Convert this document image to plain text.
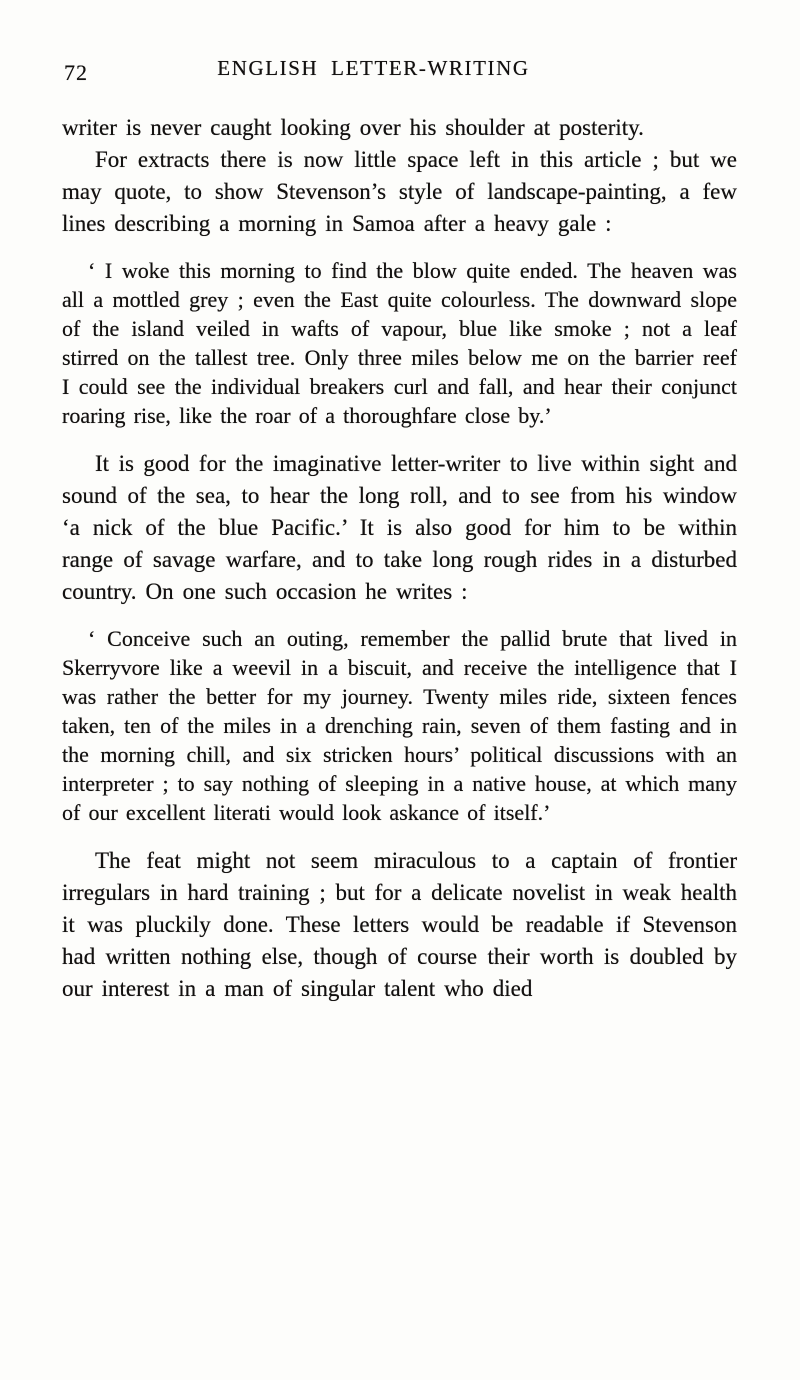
72	ENGLISH LETTER-WRITING

writer is never caught looking over his shoulder at posterity.

For extracts there is now little space left in this article ; but we may quote, to show Stevenson’s style of landscape-painting, a few lines describing a morning in Samoa after a heavy gale :

‘ I woke this morning to find the blow quite ended. The heaven was all a mottled grey ; even the East quite colourless. The downward slope of the island veiled in wafts of vapour, blue like smoke ; not a leaf stirred on the tallest tree. Only three miles below me on the barrier reef I could see the individual breakers curl and fall, and hear their conjunct roaring rise, like the roar of a thoroughfare close by.’

It is good for the imaginative letter-writer to live within sight and sound of the sea, to hear the long roll, and to see from his window ‘a nick of the blue Pacific.’ It is also good for him to be within range of savage warfare, and to take long rough rides in a disturbed country. On one such occasion he writes :

‘ Conceive such an outing, remember the pallid brute that lived in Skerryvore like a weevil in a biscuit, and receive the intelligence that I was rather the better for my journey. Twenty miles ride, sixteen fences taken, ten of the miles in a drenching rain, seven of them fasting and in the morning chill, and six stricken hours’ political discussions with an interpreter ; to say nothing of sleeping in a native house, at which many of our excellent literati would look askance of itself.’

The feat might not seem miraculous to a captain of frontier irregulars in hard training ; but for a delicate novelist in weak health it was pluckily done. These letters would be readable if Stevenson had written nothing else, though of course their worth is doubled by our interest in a man of singular talent who died
